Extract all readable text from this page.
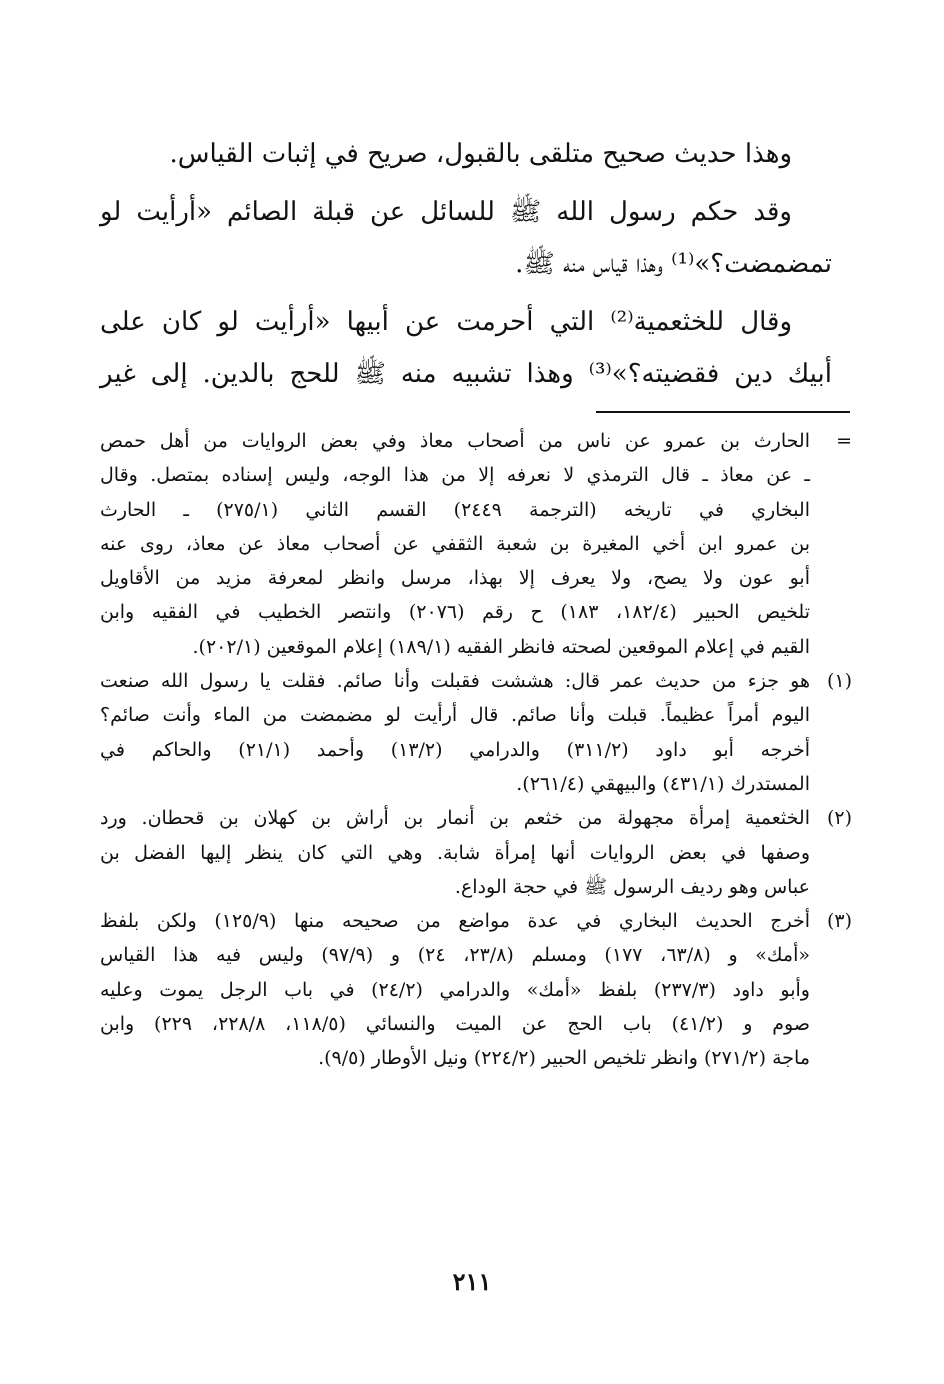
وهذا حديث صحيح متلقى بالقبول، صريح في إثبات القياس.

وقد حكم رسول الله ﷺ للسائل عن قبلة الصائم «أرأيت لو

تمضمضت؟»⁽¹⁾ وهذا قياس منه ﷺ.

وقال للخثعمية⁽²⁾ التي أحرمت عن أبيها «أرأيت لو كان على

أبيك دين فقضيته؟»⁽³⁾ وهذا تشبيه منه ﷺ للحج بالدين. إلى غير

=

الحارث بن عمرو عن ناس من أصحاب معاذ وفي بعض الروايات من أهل حمص

ـ عن معاذ ـ قال الترمذي لا نعرفه إلا من هذا الوجه، وليس إسناده بمتصل. وقال

البخاري في تاريخه (الترجمة ٢٤٤٩) القسم الثاني (٢٧٥/١) ـ الحارث

بن عمرو ابن أخي المغيرة بن شعبة الثقفي عن أصحاب معاذ عن معاذ، روى عنه

أبو عون ولا يصح، ولا يعرف إلا بهذا، مرسل وانظر لمعرفة مزيد من الأقاويل

تلخيص الحبير (١٨٢/٤، ١٨٣) ح رقم (٢٠٧٦) وانتصر الخطيب في الفقيه وابن

القيم في إعلام الموقعين لصحته فانظر الفقيه (١٨٩/١) إعلام الموقعين (٢٠٢/١).

(١)

هو جزء من حديث عمر قال: هششت فقبلت وأنا صائم. فقلت يا رسول الله صنعت

اليوم أمراً عظيماً. قبلت وأنا صائم. قال أرأيت لو مضمضت من الماء وأنت صائم؟

أخرجه أبو داود (٣١١/٢) والدرامي (١٣/٢) وأحمد (٢١/١) والحاكم في

المستدرك (٤٣١/١) والبيهقي (٢٦١/٤).

(٢)

الخثعمية إمرأة مجهولة من خثعم بن أنمار بن أراش بن كهلان بن قحطان. ورد

وصفها في بعض الروايات أنها إمرأة شابة. وهي التي كان ينظر إليها الفضل بن

عباس وهو رديف الرسول ﷺ في حجة الوداع.

(٣)

أخرج الحديث البخاري في عدة مواضع من صحيحه منها (١٢٥/٩) ولكن بلفظ

«أمك» و (٦٣/٨، ١٧٧) ومسلم (٢٣/٨، ٢٤) و (٩٧/٩) وليس فيه هذا القياس

وأبو داود (٢٣٧/٣) بلفظ «أمك» والدرامي (٢٤/٢) في باب الرجل يموت وعليه

صوم و (٤١/٢) باب الحج عن الميت والنسائي (١١٨/٥، ٢٢٨/٨، ٢٢٩) وابن

ماجة (٢٧١/٢) وانظر تلخيص الحبير (٢٢٤/٢) ونيل الأوطار (٩/٥).

٢١١
